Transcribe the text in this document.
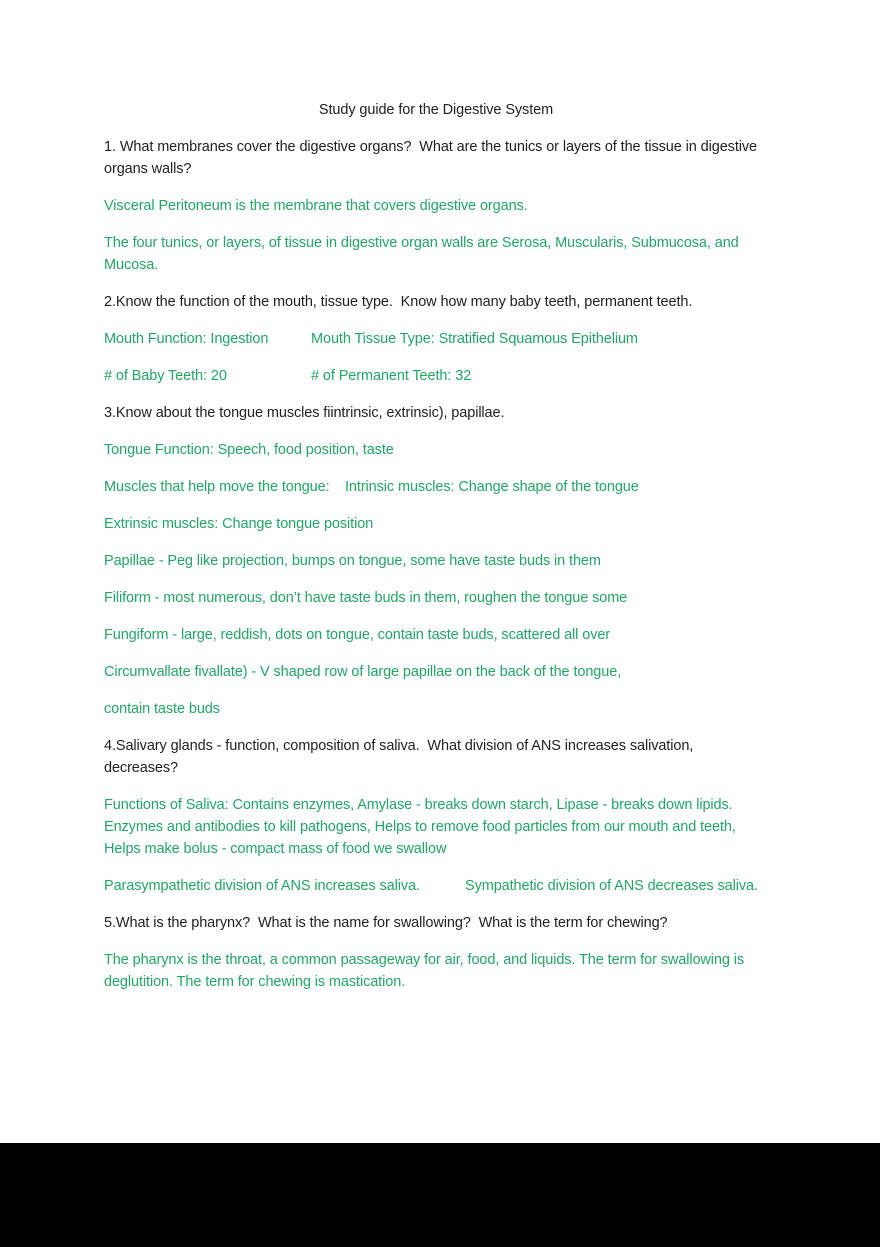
Study guide for the Digestive System

1. What membranes cover the digestive organs?  What are the tunics or layers of the tissue in digestive organs walls?

Visceral Peritoneum is the membrane that covers digestive organs.

The four tunics, or layers, of tissue in digestive organ walls are Serosa, Muscularis, Submucosa, and Mucosa.

2.Know the function of the mouth, tissue type.  Know how many baby teeth, permanent teeth.

Mouth Function: Ingestion	Mouth Tissue Type: Stratified Squamous Epithelium

# of Baby Teeth: 20	# of Permanent Teeth: 32

3.Know about the tongue muscles fiintrinsic, extrinsic), papillae.

Tongue Function: Speech, food position, taste

Muscles that help move the tongue: Intrinsic muscles: Change shape of the tongue

Extrinsic muscles: Change tongue position

Papillae - Peg like projection, bumps on tongue, some have taste buds in them

Filiform - most numerous, don’t have taste buds in them, roughen the tongue some

Fungiform - large, reddish, dots on tongue, contain taste buds, scattered all over

Circumvallate fivallate) - V shaped row of large papillae on the back of the tongue,

contain taste buds

4.Salivary glands - function, composition of saliva.  What division of ANS increases salivation, decreases?

Functions of Saliva: Contains enzymes, Amylase - breaks down starch, Lipase - breaks down lipids. Enzymes and antibodies to kill pathogens, Helps to remove food particles from our mouth and teeth, Helps make bolus - compact mass of food we swallow

Parasympathetic division of ANS increases saliva.	Sympathetic division of ANS decreases saliva.

5.What is the pharynx?  What is the name for swallowing?  What is the term for chewing?

The pharynx is the throat, a common passageway for air, food, and liquids. The term for swallowing is deglutition. The term for chewing is mastication.
